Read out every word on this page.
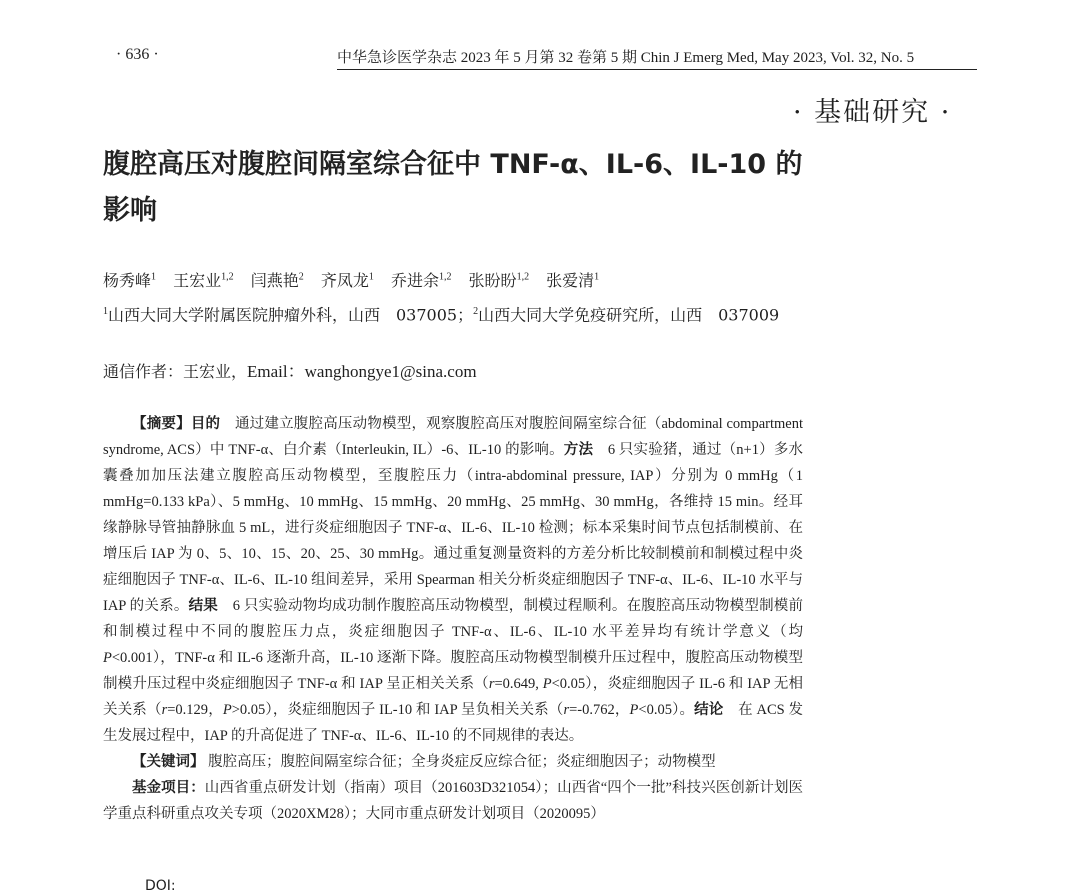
· 636 ·	中华急诊医学杂志 2023 年 5 月第 32 卷第 5 期 Chin J Emerg Med, May 2023, Vol. 32, No. 5
· 基础研究 ·
腹腔高压对腹腔间隔室综合征中 TNF-α、IL-6、IL-10 的影响
杨秀峰$^1$ 王宏业$^{1,2}$ 闫燕艳$^2$ 齐凤龙$^1$ 乔进余$^{1,2}$ 张盼盼$^{1,2}$ 张爱清$^1$
$^1$山西大同大学附属医院肿瘤外科，山西　037005；$^2$山西大同大学免疫研究所，山西　037009
通信作者：王宏业，Email：wanghongye1@sina.com

【摘要】目的　通过建立腹腔高压动物模型，观察腹腔高压对腹腔间隔室综合征（abdominal compartment syndrome, ACS）中 TNF-α、白介素（Interleukin, IL）-6、IL-10 的影响。方法　6 只实验猪，通过（n+1）多水囊叠加加压法建立腹腔高压动物模型，至腹腔压力（intra-abdominal pressure, IAP）分别为 0 mmHg（1 mmHg=0.133 kPa）、5 mmHg、10 mmHg、15 mmHg、20 mmHg、25 mmHg、30 mmHg，各维持 15 min。经耳缘静脉导管抽静脉血 5 mL，进行炎症细胞因子 TNF-α、IL-6、IL-10 检测；标本采集时间节点包括制模前、在增压后 IAP 为 0、5、10、15、20、25、30 mmHg。通过重复测量资料的方差分析比较制模前和制模过程中炎症细胞因子 TNF-α、IL-6、IL-10 组间差异，采用 Spearman 相关分析炎症细胞因子 TNF-α、IL-6、IL-10 水平与 IAP 的关系。结果　6 只实验动物均成功制作腹腔高压动物模型，制模过程顺利。在腹腔高压动物模型制模前和制模过程中不同的腹腔压力点，炎症细胞因子 TNF-α、IL-6、IL-10 水平差异均有统计学意义（均 P<0.001），TNF-α 和 IL-6 逐渐升高，IL-10 逐渐下降。腹腔高压动物模型制模升压过程中，腹腔高压动物模型制模升压过程中炎症细胞因子 TNF-α 和 IAP 呈正相关关系（r=0.649, P<0.05），炎症细胞因子 IL-6 和 IAP 无相关关系（r=0.129，P>0.05），炎症细胞因子 IL-10 和 IAP 呈负相关关系（r=-0.762，P<0.05）。结论　在 ACS 发生发展过程中，IAP 的升高促进了 TNF-α、IL-6、IL-10 的不同规律的表达。

【关键词】 腹腔高压；腹腔间隔室综合征；全身炎症反应综合征；炎症细胞因子；动物模型

基金项目：山西省重点研发计划（指南）项目（201603D321054）；山西省“四个一批”科技兴医创新计划医学重点科研重点攻关专项（2020XM28）；大同市重点研发计划项目（2020095）

DOI:
